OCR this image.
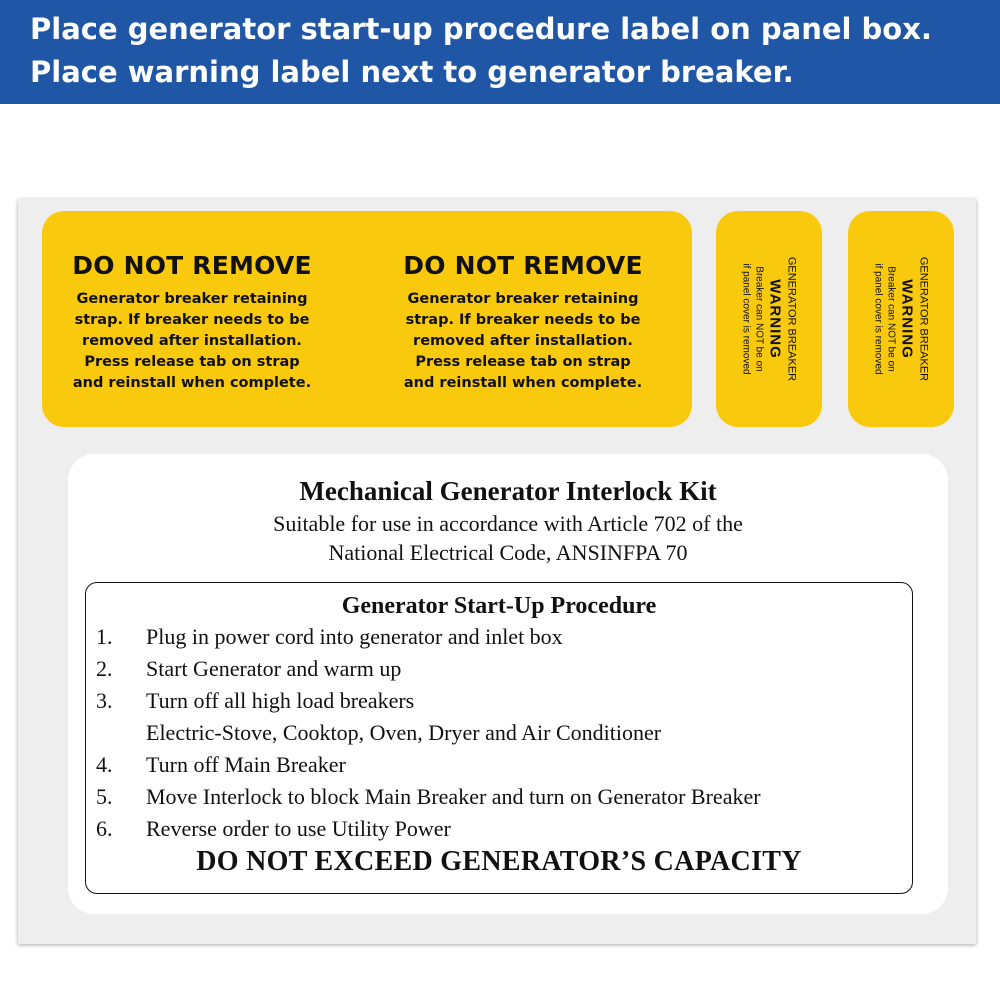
Place generator start-up procedure label on panel box.
Place warning label next to generator breaker.
DO NOT REMOVE
Generator breaker retaining
strap. If breaker needs to be
removed after installation.
Press release tab on strap
and reinstall when complete.
DO NOT REMOVE
Generator breaker retaining
strap. If breaker needs to be
removed after installation.
Press release tab on strap
and reinstall when complete.
GENERATOR BREAKER
WARNING
Breaker can NOT be on
if panel cover is removed	GENERATOR BREAKER
WARNING
Breaker can NOT be on
if panel cover is removed
Mechanical Generator Interlock Kit
Suitable for use in accordance with Article 702 of the
National Electrical Code, ANSINFPA 70
Generator Start-Up Procedure
1.	Plug in power cord into generator and inlet box
2.	Start Generator and warm up
3.	Turn off all high load breakers
Electric-Stove, Cooktop, Oven, Dryer and Air Conditioner
4.	Turn off Main Breaker
5.	Move Interlock to block Main Breaker and turn on Generator Breaker
6.	Reverse order to use Utility Power
DO NOT EXCEED GENERATOR’S CAPACITY
